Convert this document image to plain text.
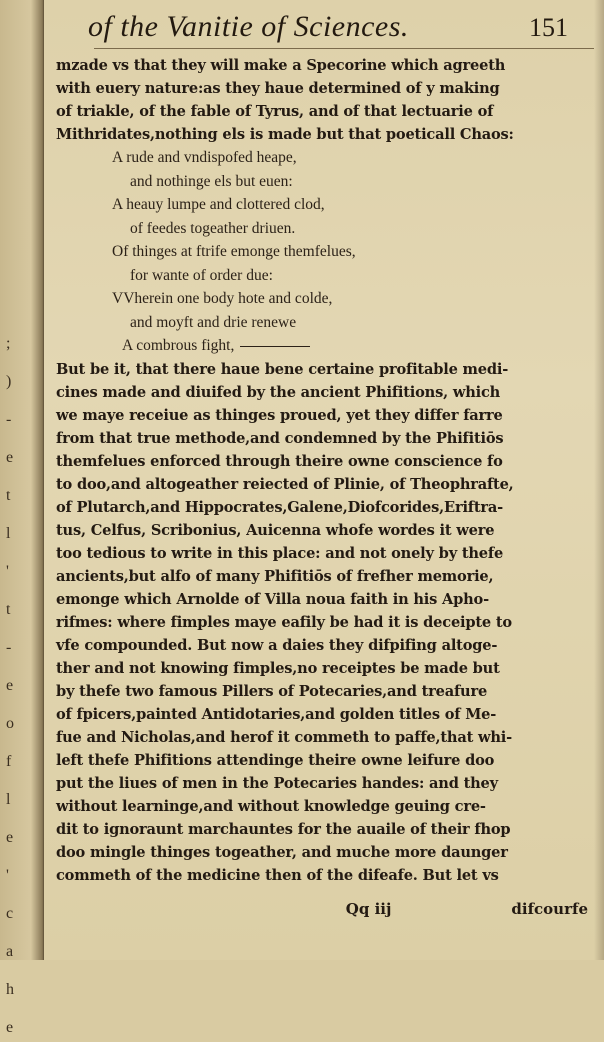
;
)
-
e
t
l
'
t
-
e
o
f
l
e
'
c
a
h
e
of the Vanitie of Sciences.	151
mzade vs that they will make a Specorine which agreeth
with euery nature:as they haue determined of y making
of triakle, of the fable of Tyrus, and of that lectuarie of
Mithridates,nothing els is made but that poeticall Chaos:
A rude and vndispofed heape,
and nothinge els but euen:
A heauy lumpe and clottered clod,
of feedes togeather driuen.
Of thinges at ftrife emonge themfelues,
for wante of order due:
VVherein one body hote and colde,
and moyft and drie renewe
A combrous fight,
But be it, that there haue bene certaine profitable medi-
cines made and diuifed by the ancient Phifitions, which
we maye receiue as thinges proued, yet they differ farre
from that true methode,and condemned by the Phifitiōs
themfelues enforced through theire owne conscience fo
to doo,and altogeather reiected of Plinie, of Theophrafte,
of Plutarch,and Hippocrates,Galene,Diofcorides,Eriftra-
tus, Celfus, Scribonius, Auicenna whofe wordes it were
too tedious to write in this place: and not onely by thefe
ancients,but alfo of many Phifitiōs of frefher memorie,
emonge which Arnolde of Villa noua faith in his Apho-
rifmes: where fimples maye eafily be had it is deceipte to
vfe compounded. But now a daies they difpifing altoge-
ther and not knowing fimples,no receiptes be made but
by thefe two famous Pillers of Potecaries,and treafure
of fpicers,painted Antidotaries,and golden titles of Me-
fue and Nicholas,and herof it commeth to paffe,that whi-
left thefe Phifitions attendinge theire owne leifure doo
put the liues of men in the Potecaries handes: and they
without learninge,and without knowledge geuing cre-
dit to ignoraunt marchauntes for the auaile of their fhop
doo mingle thinges togeather, and muche more daunger
commeth of the medicine then of the difeafe. But let vs
Qq iij	difcourfe
